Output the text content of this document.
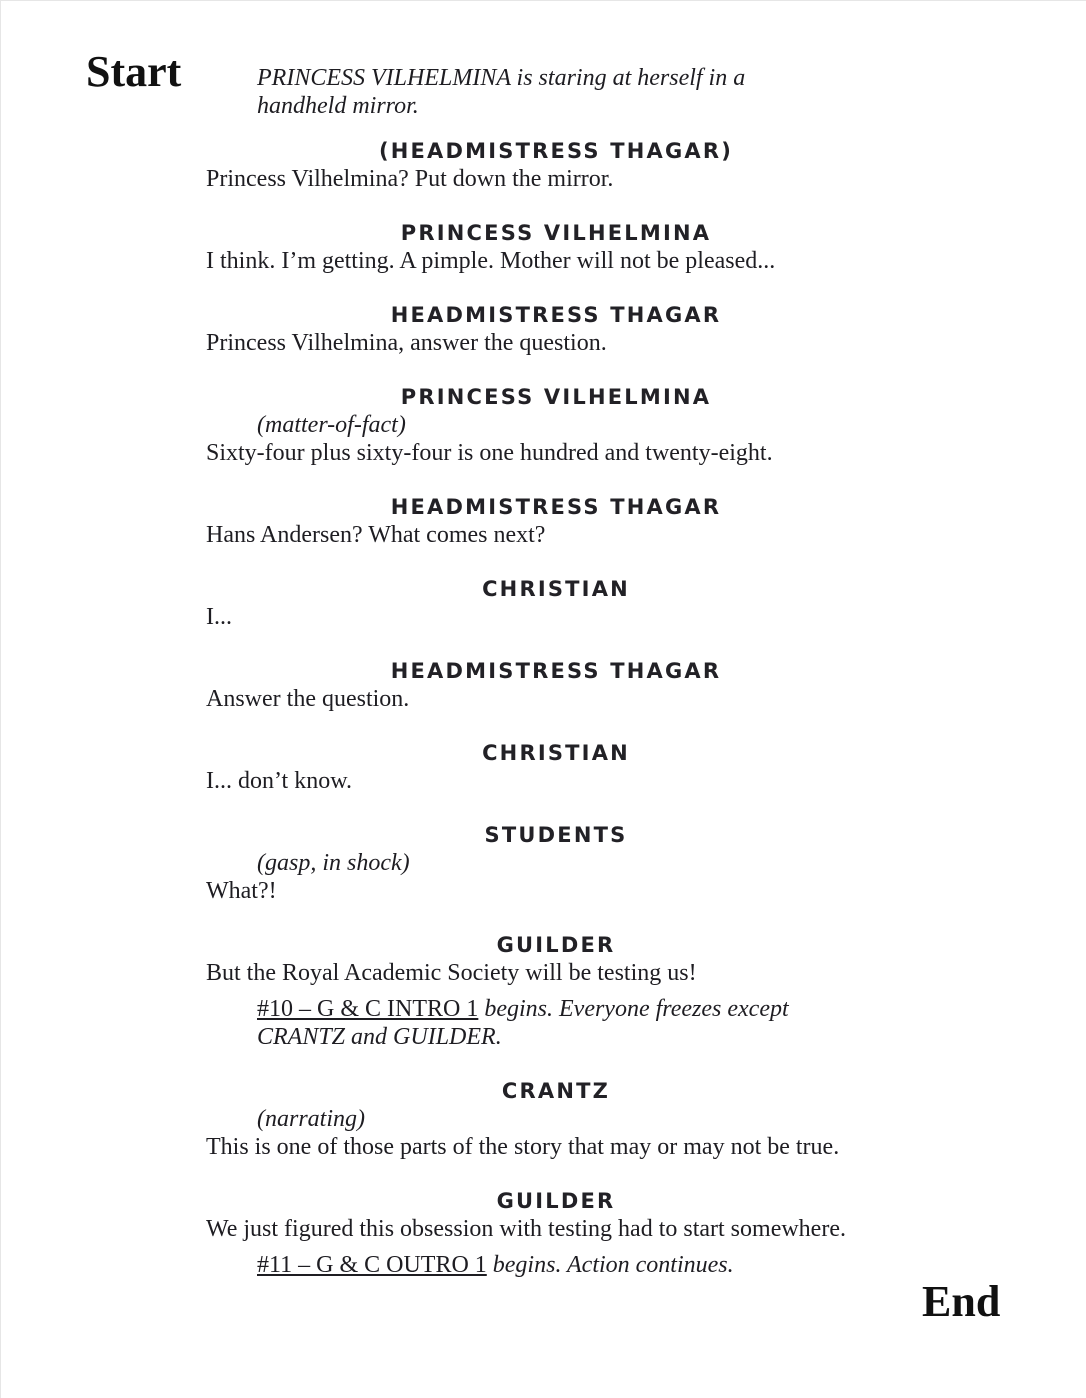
Start
End
PRINCESS VILHELMINA is staring at herself in a handheld mirror.
(HEADMISTRESS THAGAR)
Princess Vilhelmina? Put down the mirror.
PRINCESS VILHELMINA
I think. I’m getting. A pimple. Mother will not be pleased...
HEADMISTRESS THAGAR
Princess Vilhelmina, answer the question.
PRINCESS VILHELMINA
(matter-of-fact)
Sixty-four plus sixty-four is one hundred and twenty-eight.
HEADMISTRESS THAGAR
Hans Andersen? What comes next?
CHRISTIAN
I...
HEADMISTRESS THAGAR
Answer the question.
CHRISTIAN
I... don’t know.
STUDENTS
(gasp, in shock)
What?!
GUILDER
But the Royal Academic Society will be testing us!
#10 – G & C INTRO 1 begins. Everyone freezes except CRANTZ and GUILDER.
CRANTZ
(narrating)
This is one of those parts of the story that may or may not be true.
GUILDER
We just figured this obsession with testing had to start somewhere.
#11 – G & C OUTRO 1 begins. Action continues.
